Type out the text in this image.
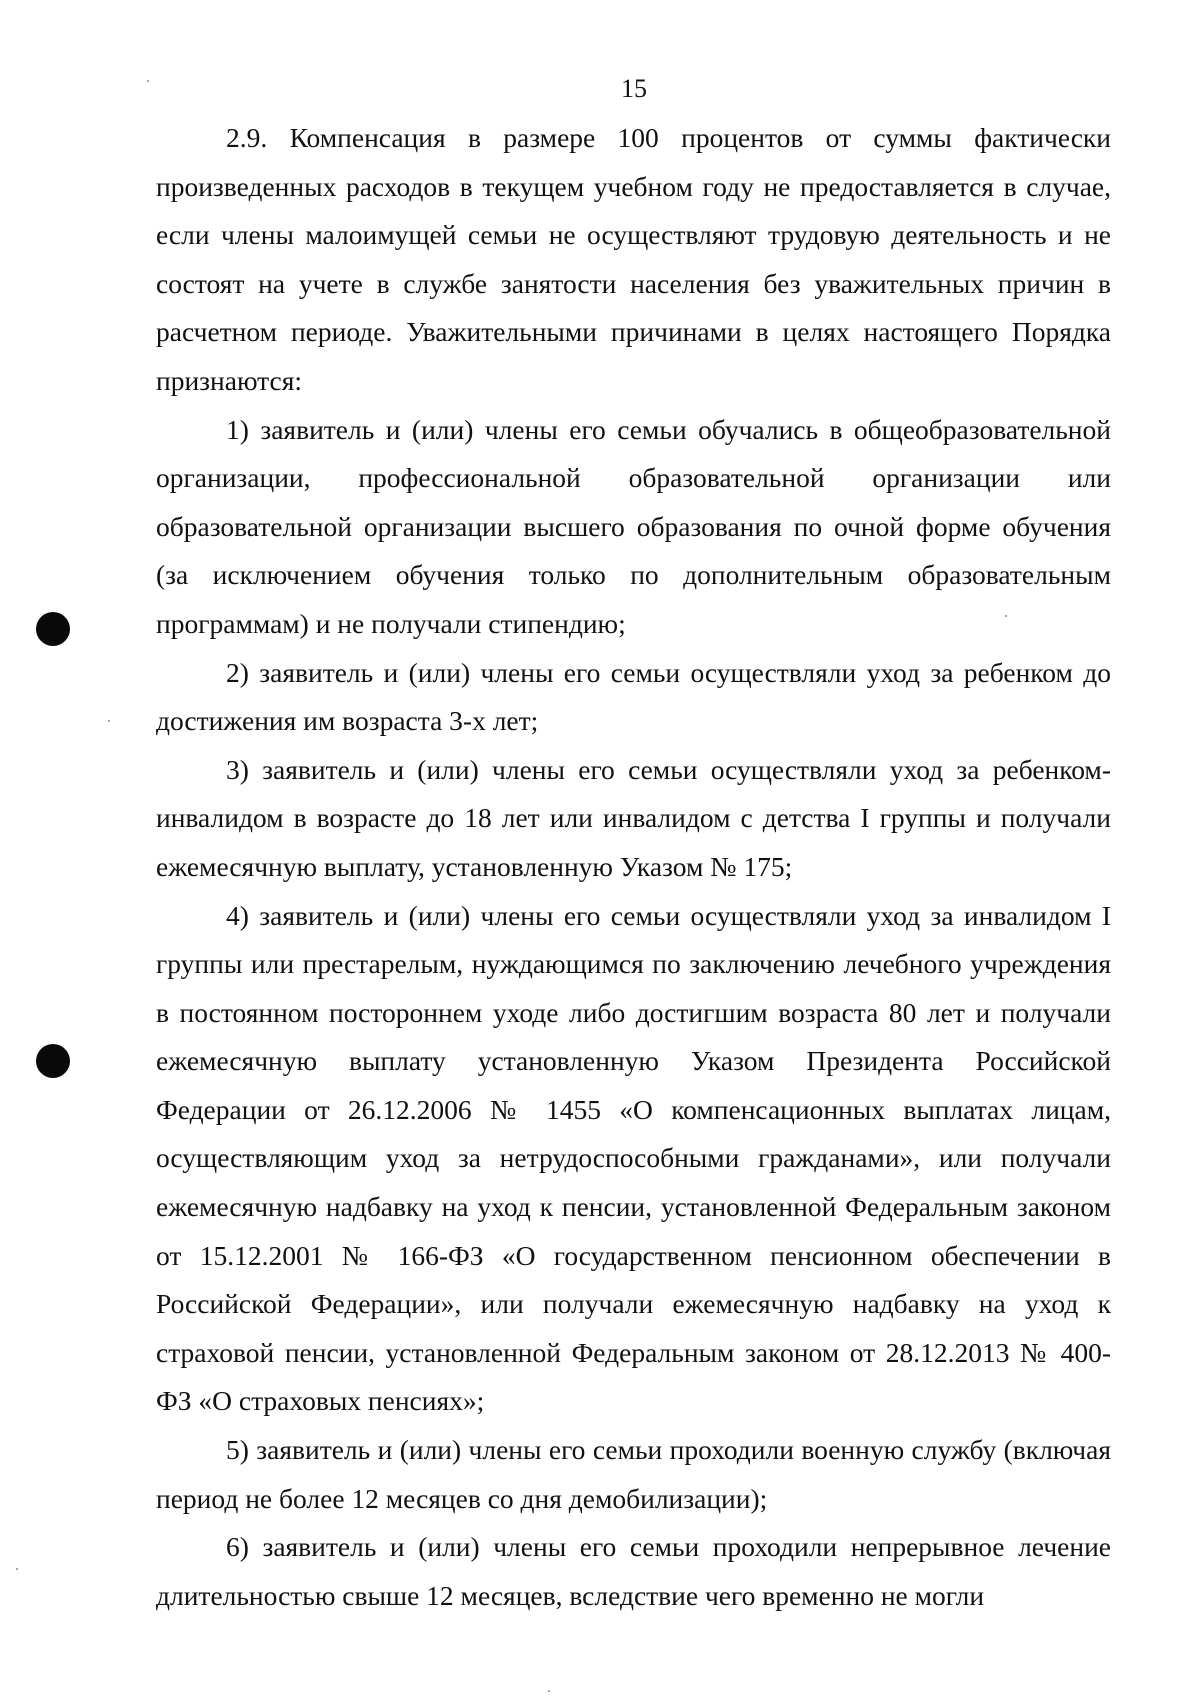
15

2.9. Компенсация в размере 100 процентов от суммы фактически произведенных расходов в текущем учебном году не предоставляется в случае, если члены малоимущей семьи не осуществляют трудовую деятельность и не состоят на учете в службе занятости населения без уважительных причин в расчетном периоде. Уважительными причинами в целях настоящего Порядка признаются:

1) заявитель и (или) члены его семьи обучались в общеобразовательной организации, профессиональной образовательной организации или образовательной организации высшего образования по очной форме обучения (за исключением обучения только по дополнительным образовательным программам) и не получали стипендию;

2) заявитель и (или) члены его семьи осуществляли уход за ребенком до достижения им возраста 3-х лет;

3) заявитель и (или) члены его семьи осуществляли уход за ребенком-инвалидом в возрасте до 18 лет или инвалидом с детства I группы и получали ежемесячную выплату, установленную Указом № 175;

4) заявитель и (или) члены его семьи осуществляли уход за инвалидом I группы или престарелым, нуждающимся по заключению лечебного учреждения в постоянном постороннем уходе либо достигшим возраста 80 лет и получали ежемесячную выплату установленную Указом Президента Российской Федерации от 26.12.2006 № 1455 «О компенсационных выплатах лицам, осуществляющим уход за нетрудоспособными гражданами», или получали ежемесячную надбавку на уход к пенсии, установленной Федеральным законом от 15.12.2001 № 166-ФЗ «О государственном пенсионном обеспечении в Российской Федерации», или получали ежемесячную надбавку на уход к страховой пенсии, установленной Федеральным законом от 28.12.2013 № 400-ФЗ «О страховых пенсиях»;

5) заявитель и (или) члены его семьи проходили военную службу (включая период не более 12 месяцев со дня демобилизации);

6) заявитель и (или) члены его семьи проходили непрерывное лечение длительностью свыше 12 месяцев, вследствие чего временно не могли
